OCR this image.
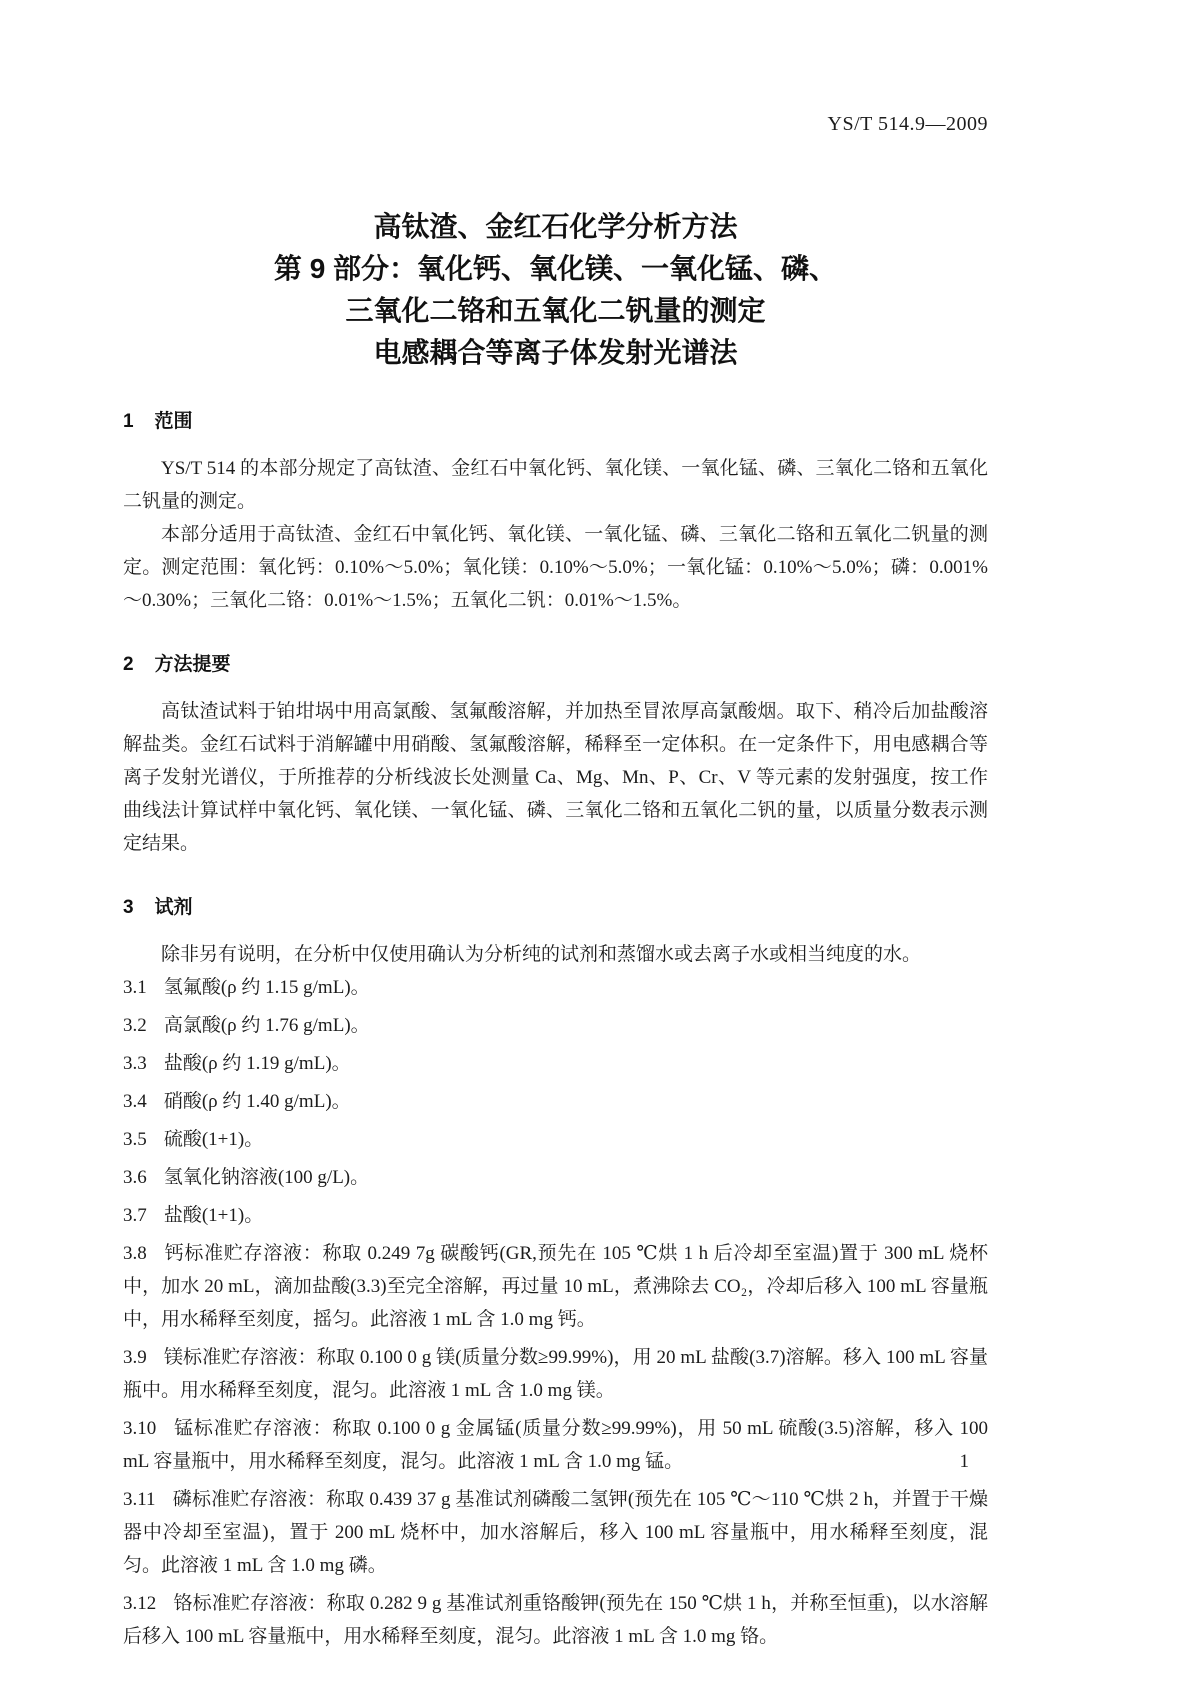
YS/T 514.9—2009
高钛渣、金红石化学分析方法
第 9 部分：氧化钙、氧化镁、一氧化锰、磷、
三氧化二铬和五氧化二钒量的测定
电感耦合等离子体发射光谱法
1 范围

YS/T 514 的本部分规定了高钛渣、金红石中氧化钙、氧化镁、一氧化锰、磷、三氧化二铬和五氧化二钒量的测定。

本部分适用于高钛渣、金红石中氧化钙、氧化镁、一氧化锰、磷、三氧化二铬和五氧化二钒量的测定。测定范围：氧化钙：0.10%～5.0%；氧化镁：0.10%～5.0%；一氧化锰：0.10%～5.0%；磷：0.001%～0.30%；三氧化二铬：0.01%～1.5%；五氧化二钒：0.01%～1.5%。

2 方法提要

高钛渣试料于铂坩埚中用高氯酸、氢氟酸溶解，并加热至冒浓厚高氯酸烟。取下、稍冷后加盐酸溶解盐类。金红石试料于消解罐中用硝酸、氢氟酸溶解，稀释至一定体积。在一定条件下，用电感耦合等离子发射光谱仪，于所推荐的分析线波长处测量 Ca、Mg、Mn、P、Cr、V 等元素的发射强度，按工作曲线法计算试样中氧化钙、氧化镁、一氧化锰、磷、三氧化二铬和五氧化二钒的量，以质量分数表示测定结果。

3 试剂

除非另有说明，在分析中仅使用确认为分析纯的试剂和蒸馏水或去离子水或相当纯度的水。

3.1 氢氟酸(ρ 约 1.15 g/mL)。

3.2 高氯酸(ρ 约 1.76 g/mL)。

3.3 盐酸(ρ 约 1.19 g/mL)。

3.4 硝酸(ρ 约 1.40 g/mL)。

3.5 硫酸(1+1)。

3.6 氢氧化钠溶液(100 g/L)。

3.7 盐酸(1+1)。

3.8 钙标准贮存溶液：称取 0.249 7g 碳酸钙(GR,预先在 105 ℃烘 1 h 后冷却至室温)置于 300 mL 烧杯中，加水 20 mL，滴加盐酸(3.3)至完全溶解，再过量 10 mL，煮沸除去 CO₂，冷却后移入 100 mL 容量瓶中，用水稀释至刻度，摇匀。此溶液 1 mL 含 1.0 mg 钙。

3.9 镁标准贮存溶液：称取 0.100 0 g 镁(质量分数≥99.99%)，用 20 mL 盐酸(3.7)溶解。移入 100 mL 容量瓶中。用水稀释至刻度，混匀。此溶液 1 mL 含 1.0 mg 镁。

3.10 锰标准贮存溶液：称取 0.100 0 g 金属锰(质量分数≥99.99%)，用 50 mL 硫酸(3.5)溶解，移入 100 mL 容量瓶中，用水稀释至刻度，混匀。此溶液 1 mL 含 1.0 mg 锰。

3.11 磷标准贮存溶液：称取 0.439 37 g 基准试剂磷酸二氢钾(预先在 105 ℃～110 ℃烘 2 h，并置于干燥器中冷却至室温)，置于 200 mL 烧杯中，加水溶解后，移入 100 mL 容量瓶中，用水稀释至刻度，混匀。此溶液 1 mL 含 1.0 mg 磷。

3.12 铬标准贮存溶液：称取 0.282 9 g 基准试剂重铬酸钾(预先在 150 ℃烘 1 h，并称至恒重)，以水溶解后移入 100 mL 容量瓶中，用水稀释至刻度，混匀。此溶液 1 mL 含 1.0 mg 铬。

1
